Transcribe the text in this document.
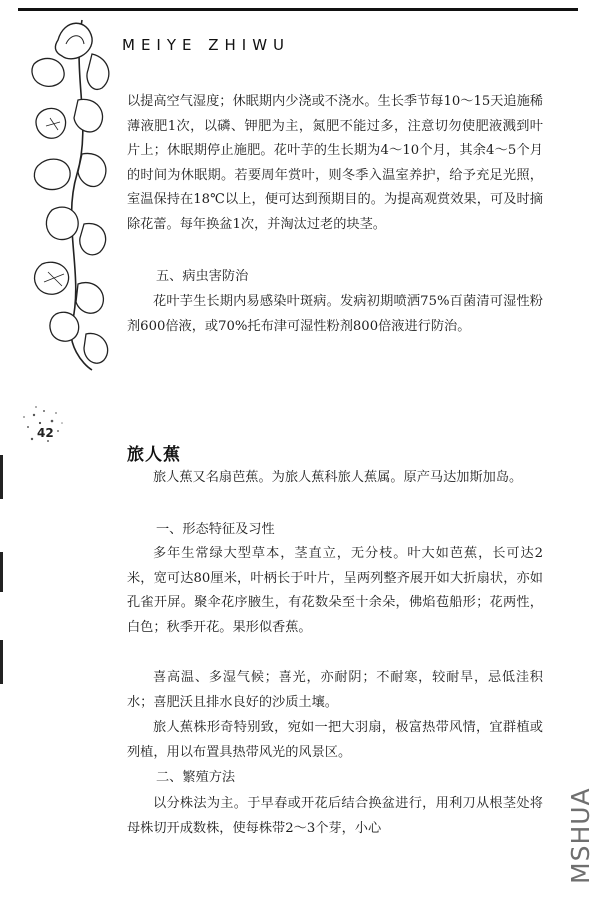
MEIYE ZHIWU
42

以提高空气湿度；休眠期内少浇或不浇水。生长季节每10～15天追施稀薄液肥1次，以磷、钾肥为主，氮肥不能过多，注意切勿使肥液溅到叶片上；休眠期停止施肥。花叶芋的生长期为4～10个月，其余4～5个月的时间为休眠期。若要周年赏叶，则冬季入温室养护，给予充足光照，室温保持在18℃以上，便可达到预期目的。为提高观赏效果，可及时摘除花蕾。每年换盆1次，并淘汰过老的块茎。

五、病虫害防治

花叶芋生长期内易感染叶斑病。发病初期喷洒75%百菌清可湿性粉剂600倍液，或70%托布津可湿性粉剂800倍液进行防治。

旅人蕉

旅人蕉又名扇芭蕉。为旅人蕉科旅人蕉属。原产马达加斯加岛。

一、形态特征及习性

多年生常绿大型草本，茎直立，无分枝。叶大如芭蕉，长可达2米，宽可达80厘米，叶柄长于叶片，呈两列整齐展开如大折扇状，亦如孔雀开屏。聚伞花序腋生，有花数朵至十余朵，佛焰苞船形；花两性，白色；秋季开花。果形似香蕉。

喜高温、多湿气候；喜光，亦耐阴；不耐寒，较耐旱，忌低洼积水；喜肥沃且排水良好的沙质土壤。

旅人蕉株形奇特别致，宛如一把大羽扇，极富热带风情，宜群植或列植，用以布置具热带风光的风景区。

二、繁殖方法

以分株法为主。于早春或开花后结合换盆进行，用利刀从根茎处将母株切开成数株，使每株带2～3个芽，小心	MSHUA
